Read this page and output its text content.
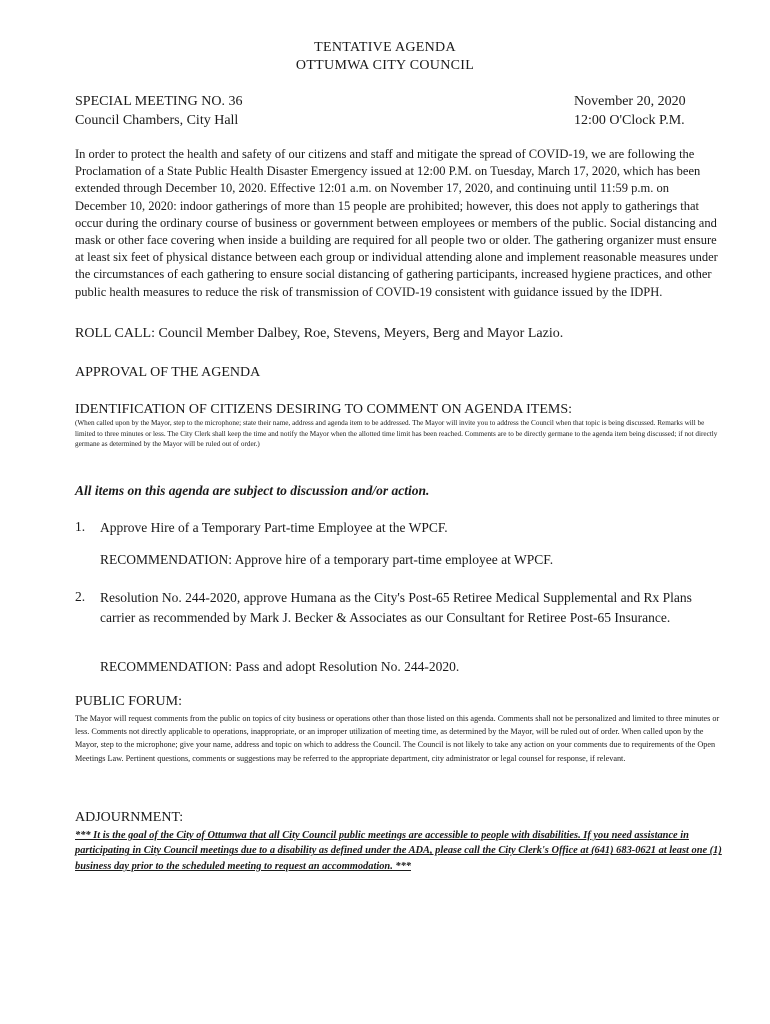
TENTATIVE AGENDA
OTTUMWA CITY COUNCIL
SPECIAL MEETING NO. 36
Council Chambers, City Hall
November 20, 2020
12:00 O'Clock P.M.
In order to protect the health and safety of our citizens and staff and mitigate the spread of COVID-19, we are following the Proclamation of a State Public Health Disaster Emergency issued at 12:00 P.M. on Tuesday, March 17, 2020, which has been extended through December 10, 2020. Effective 12:01 a.m. on November 17, 2020, and continuing until 11:59 p.m. on December 10, 2020: indoor gatherings of more than 15 people are prohibited; however, this does not apply to gatherings that occur during the ordinary course of business or government between employees or members of the public. Social distancing and mask or other face covering when inside a building are required for all people two or older. The gathering organizer must ensure at least six feet of physical distance between each group or individual attending alone and implement reasonable measures under the circumstances of each gathering to ensure social distancing of gathering participants, increased hygiene practices, and other public health measures to reduce the risk of transmission of COVID-19 consistent with guidance issued by the IDPH.
ROLL CALL: Council Member Dalbey, Roe, Stevens, Meyers, Berg and Mayor Lazio.
APPROVAL OF THE AGENDA
IDENTIFICATION OF CITIZENS DESIRING TO COMMENT ON AGENDA ITEMS:
(When called upon by the Mayor, step to the microphone; state their name, address and agenda item to be addressed. The Mayor will invite you to address the Council when that topic is being discussed. Remarks will be limited to three minutes or less. The City Clerk shall keep the time and notify the Mayor when the allotted time limit has been reached. Comments are to be directly germane to the agenda item being discussed; if not directly germane as determined by the Mayor will be ruled out of order.)
All items on this agenda are subject to discussion and/or action.
1. Approve Hire of a Temporary Part-time Employee at the WPCF.
RECOMMENDATION: Approve hire of a temporary part-time employee at WPCF.
2. Resolution No. 244-2020, approve Humana as the City's Post-65 Retiree Medical Supplemental and Rx Plans carrier as recommended by Mark J. Becker & Associates as our Consultant for Retiree Post-65 Insurance.
RECOMMENDATION: Pass and adopt Resolution No. 244-2020.
PUBLIC FORUM:
The Mayor will request comments from the public on topics of city business or operations other than those listed on this agenda. Comments shall not be personalized and limited to three minutes or less. Comments not directly applicable to operations, inappropriate, or an improper utilization of meeting time, as determined by the Mayor, will be ruled out of order. When called upon by the Mayor, step to the microphone; give your name, address and topic on which to address the Council. The Council is not likely to take any action on your comments due to requirements of the Open Meetings Law. Pertinent questions, comments or suggestions may be referred to the appropriate department, city administrator or legal counsel for response, if relevant.
ADJOURNMENT:
*** It is the goal of the City of Ottumwa that all City Council public meetings are accessible to people with disabilities. If you need assistance in participating in City Council meetings due to a disability as defined under the ADA, please call the City Clerk's Office at (641) 683-0621 at least one (1) business day prior to the scheduled meeting to request an accommodation. ***
